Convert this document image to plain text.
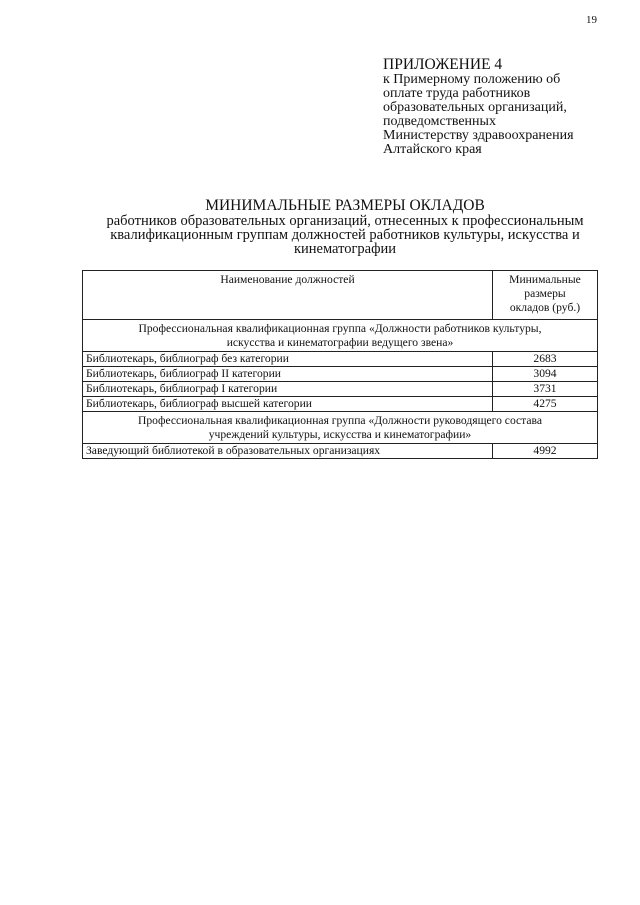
19
ПРИЛОЖЕНИЕ 4
к Примерному положению об
оплате труда работников
образовательных организаций,
подведомственных
Министерству здравоохранения
Алтайского края
МИНИМАЛЬНЫЕ РАЗМЕРЫ ОКЛАДОВ
работников образовательных организаций, отнесенных к профессиональным
квалификационным группам должностей работников культуры, искусства и
кинематографии
Наименование должностей	Минимальные
размеры
окладов (руб.)

Профессиональная квалификационная группа «Должности работников культуры,
искусства и кинематографии ведущего звена»	

Библиотекарь, библиограф без категории	2683
Библиотекарь, библиограф II категории	3094
Библиотекарь, библиограф I категории	3731
Библиотекарь, библиограф высшей категории	4275

Профессиональная квалификационная группа «Должности руководящего состава
учреждений культуры, искусства и кинематографии»	

Заведующий библиотекой в образовательных организациях	4992
